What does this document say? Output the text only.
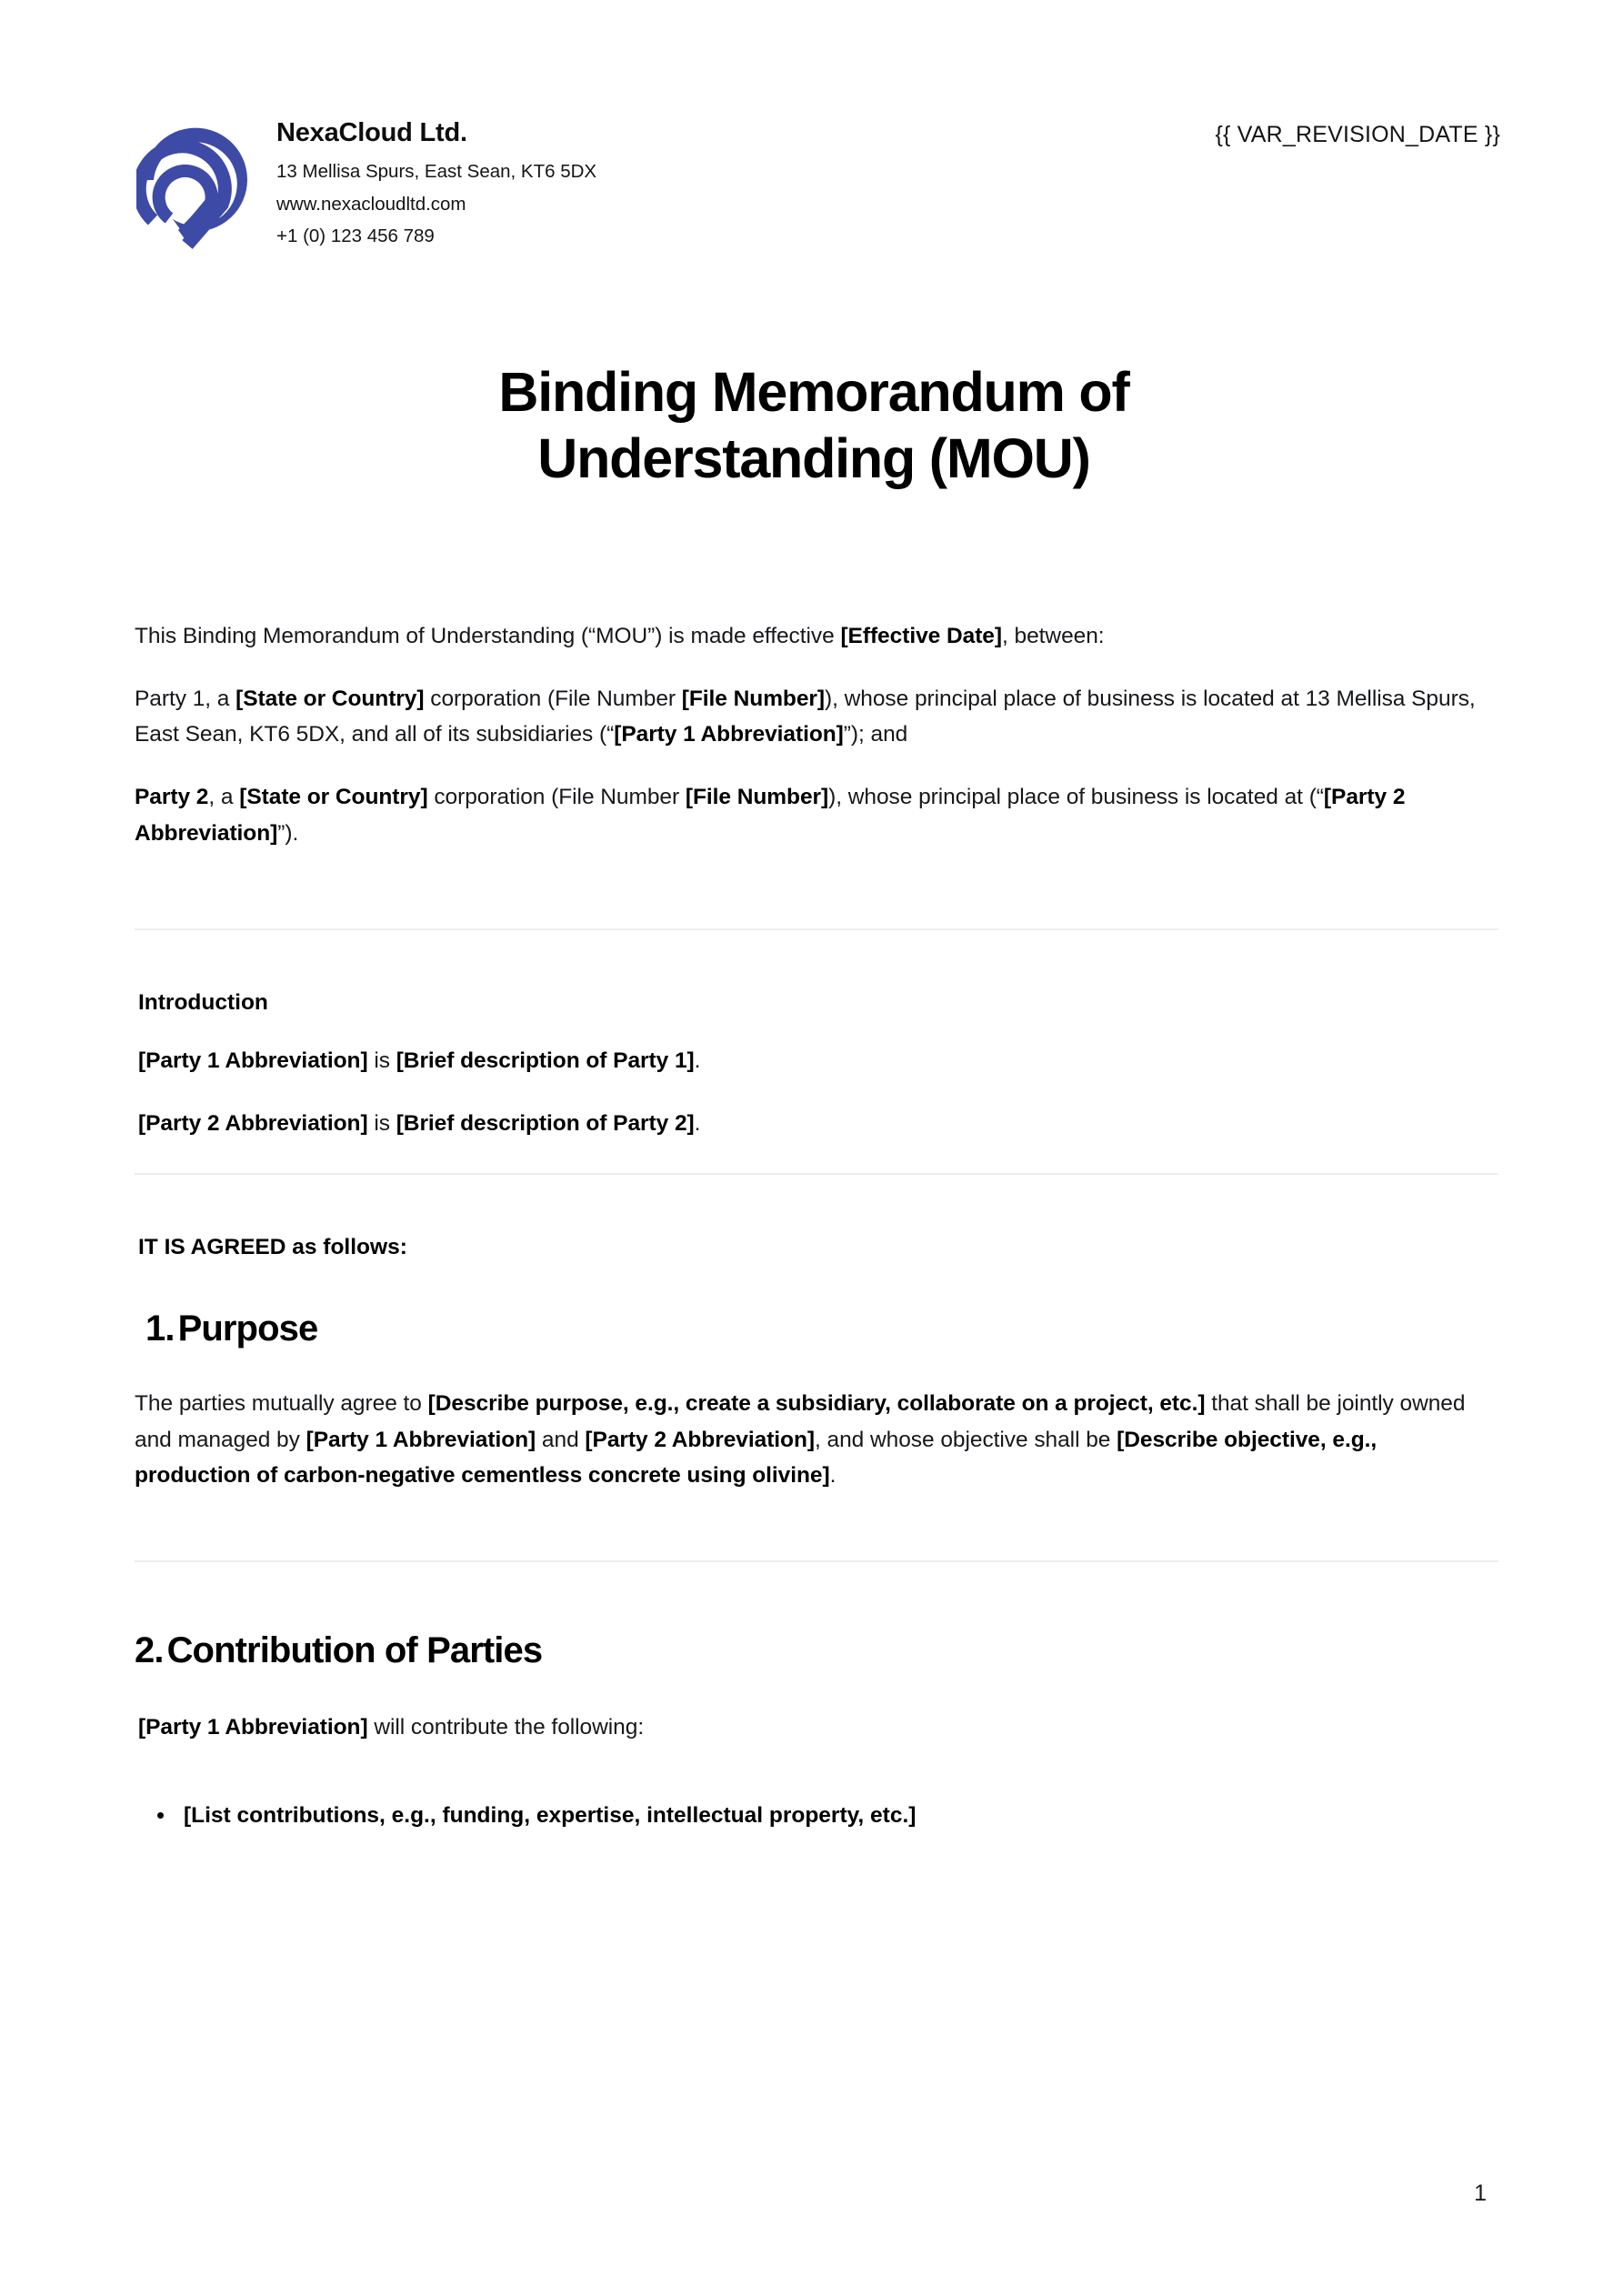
NexaCloud Ltd.
13 Mellisa Spurs, East Sean, KT6 5DX
www.nexacloudltd.com
+1 (0) 123 456 789
{{ VAR_REVISION_DATE }}
Binding Memorandum of
Understanding (MOU)

This Binding Memorandum of Understanding (“MOU”) is made effective [Effective Date], between:

Party 1, a [State or Country] corporation (File Number [File Number]), whose principal place of business is located at 13 Mellisa Spurs, East Sean, KT6 5DX, and all of its subsidiaries (“[Party 1 Abbreviation]”); and

Party 2, a [State or Country] corporation (File Number [File Number]), whose principal place of business is located at (“[Party 2 Abbreviation]”).

Introduction

[Party 1 Abbreviation] is [Brief description of Party 1].

[Party 2 Abbreviation] is [Brief description of Party 2].

IT IS AGREED as follows:

1. Purpose

The parties mutually agree to [Describe purpose, e.g., create a subsidiary, collaborate on a project, etc.] that shall be jointly owned and managed by [Party 1 Abbreviation] and [Party 2 Abbreviation], and whose objective shall be [Describe objective, e.g., production of carbon-negative cementless concrete using olivine].

2. Contribution of Parties

[Party 1 Abbreviation] will contribute the following:

• [List contributions, e.g., funding, expertise, intellectual property, etc.]
1
